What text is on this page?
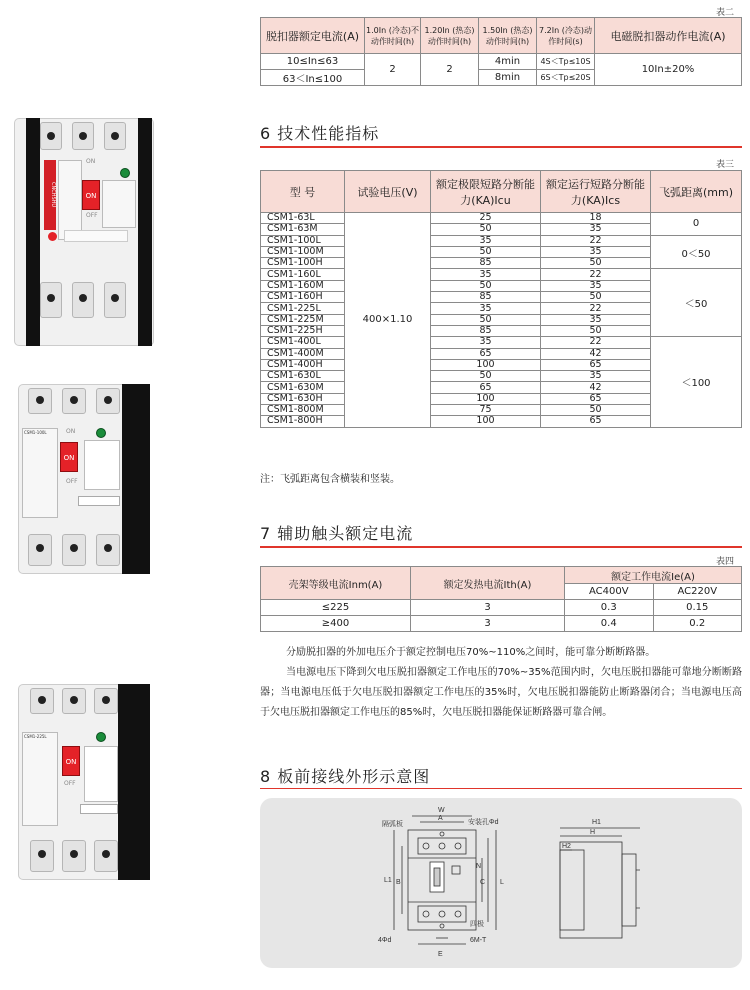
CNCHSHU
ON
ON
OFF
CSM1-100L	ON
ON
OFF
CSM1-225L
ON
OFF
表二
脱扣器额定电流(A)	1.0In (冷态)不动作时间(h)	1.20In (热态)动作时间(h)	1.50In (热态)动作时间(h)	7.2In (冷态)动作时间(s)	电磁脱扣器动作电流(A)
10≤In≤63	2	2	4min	4S＜Tp≤10S	10In±20%
63＜In≤100			8min	6S＜Tp≤20S	
6 技术性能指标
表三
型 号	试验电压(V)	额定极限短路分断能力(KA)Icu	额定运行短路分断能力(KA)Ics	飞弧距离(mm)
CSM1-63L	400×1.10	25	18	0
CSM1-63M		50	35	
CSM1-100L		35	22	0＜50
CSM1-100M		50	35	
CSM1-100H		85	50	
CSM1-160L		35	22	＜50
CSM1-160M		50	35	
CSM1-160H		85	50	
CSM1-225L		35	22	
CSM1-225M		50	35	
CSM1-225H		85	50	
CSM1-400L		35	22	＜100
CSM1-400M		65	42	
CSM1-400H		100	65	
CSM1-630L		50	35	
CSM1-630M		65	42	
CSM1-630H		100	65	
CSM1-800M		75	50	
CSM1-800H		100	65	
注：飞弧距离包含横装和竖装。
7 辅助触头额定电流
表四
壳架等级电流Inm(A)	额定发热电流Ith(A)	额定工作电流Ie(A)	
		AC400V	AC220V
≤225	3	0.3	0.15
≥400	3	0.4	0.2
分励脱扣器的外加电压介于额定控制电压70%~110%之间时，能可靠分断断路器。
当电源电压下降到欠电压脱扣器额定工作电压的70%~35%范围内时，欠电压脱扣器能可靠地分断断路器；当电源电压低于欠电压脱扣器额定工作电压的35%时，欠电压脱扣器能防止断路器闭合；当电源电压高于欠电压脱扣器额定工作电压的85%时，欠电压脱扣器能保证断路器可靠合闸。
8 板前接线外形示意图
W
隔弧板
A
安装孔Φd
L1 B
N
C L
四极
4Φd	6M-T
E
H1
H
H2
